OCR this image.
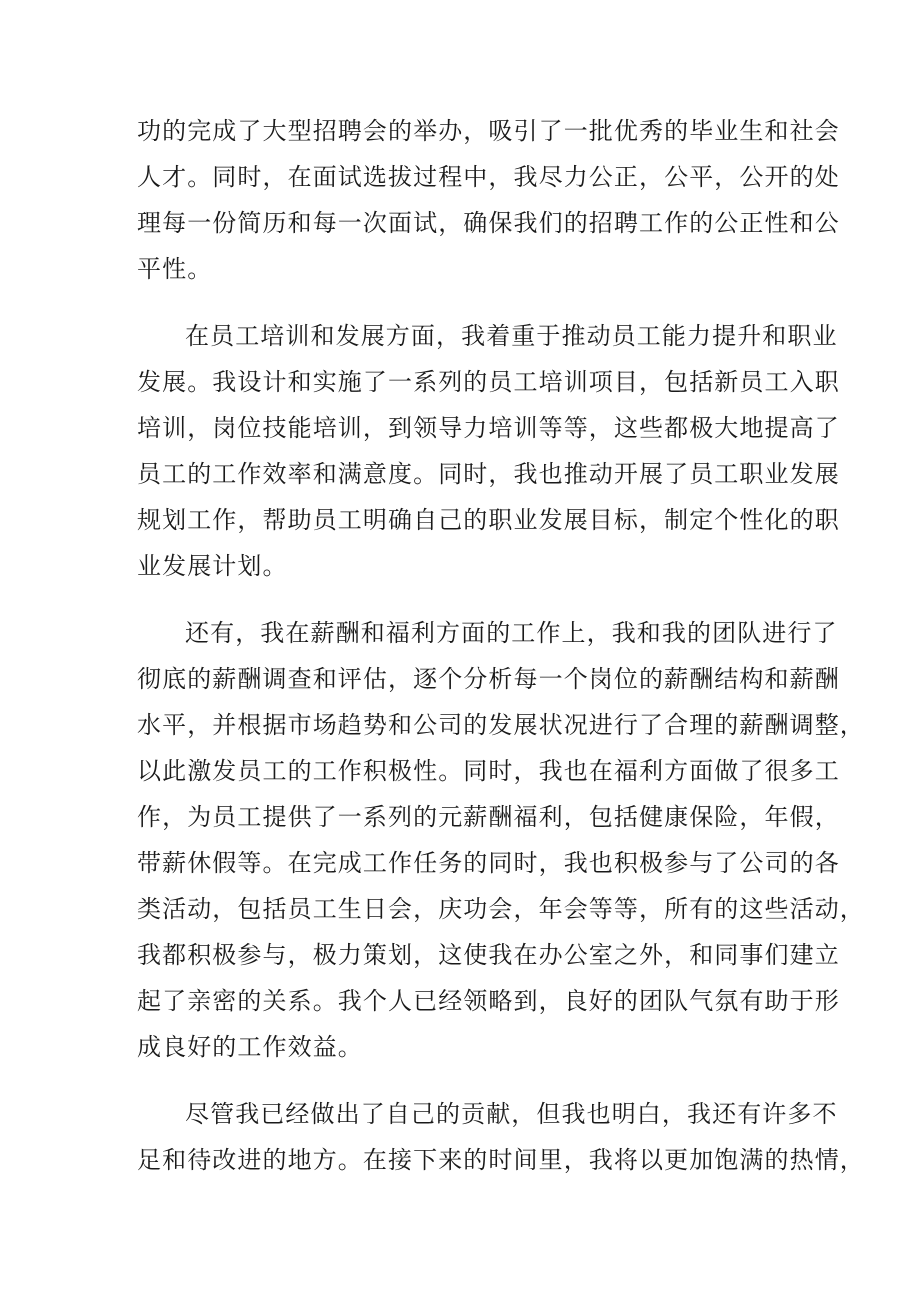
功的完成了大型招聘会的举办，吸引了一批优秀的毕业生和社会
人才。同时，在面试选拔过程中，我尽力公正，公平，公开的处
理每一份简历和每一次面试，确保我们的招聘工作的公正性和公
平性。
在员工培训和发展方面，我着重于推动员工能力提升和职业
发展。我设计和实施了一系列的员工培训项目，包括新员工入职
培训，岗位技能培训，到领导力培训等等，这些都极大地提高了
员工的工作效率和满意度。同时，我也推动开展了员工职业发展
规划工作，帮助员工明确自己的职业发展目标，制定个性化的职
业发展计划。
还有，我在薪酬和福利方面的工作上，我和我的团队进行了
彻底的薪酬调查和评估，逐个分析每一个岗位的薪酬结构和薪酬
水平，并根据市场趋势和公司的发展状况进行了合理的薪酬调整，
以此激发员工的工作积极性。同时，我也在福利方面做了很多工
作，为员工提供了一系列的元薪酬福利，包括健康保险，年假，
带薪休假等。在完成工作任务的同时，我也积极参与了公司的各
类活动，包括员工生日会，庆功会，年会等等，所有的这些活动，
我都积极参与，极力策划，这使我在办公室之外，和同事们建立
起了亲密的关系。我个人已经领略到，良好的团队气氛有助于形
成良好的工作效益。
尽管我已经做出了自己的贡献，但我也明白，我还有许多不
足和待改进的地方。在接下来的时间里，我将以更加饱满的热情，
